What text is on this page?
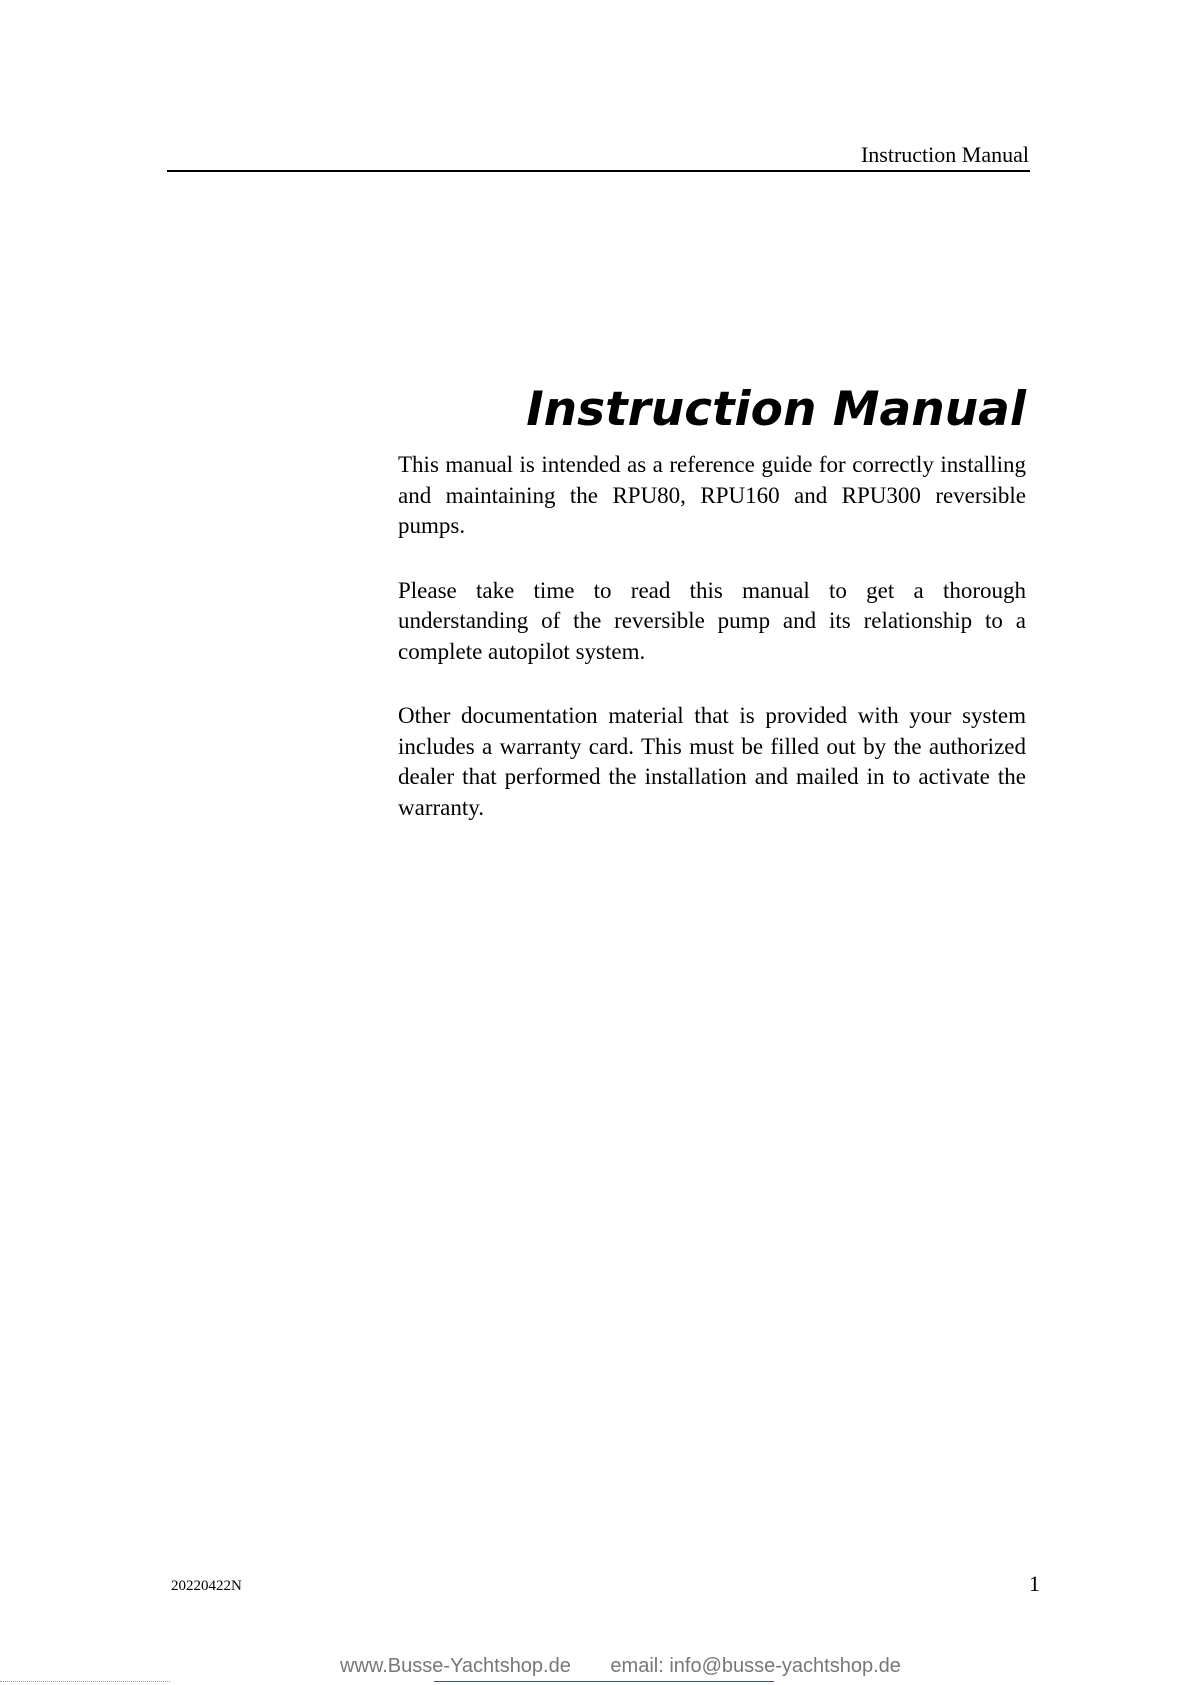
Instruction Manual
Instruction Manual

This manual is intended as a reference guide for correctly installing and maintaining the RPU80, RPU160 and RPU300 reversible pumps.

Please take time to read this manual to get a thorough understanding of the reversible pump and its relationship to a complete autopilot system.

Other documentation material that is provided with your system includes a warranty card. This must be filled out by the authorized dealer that performed the installation and mailed in to activate the warranty.

20220422N	1
www.Busse-Yachtshop.de email: info@busse-yachtshop.de
